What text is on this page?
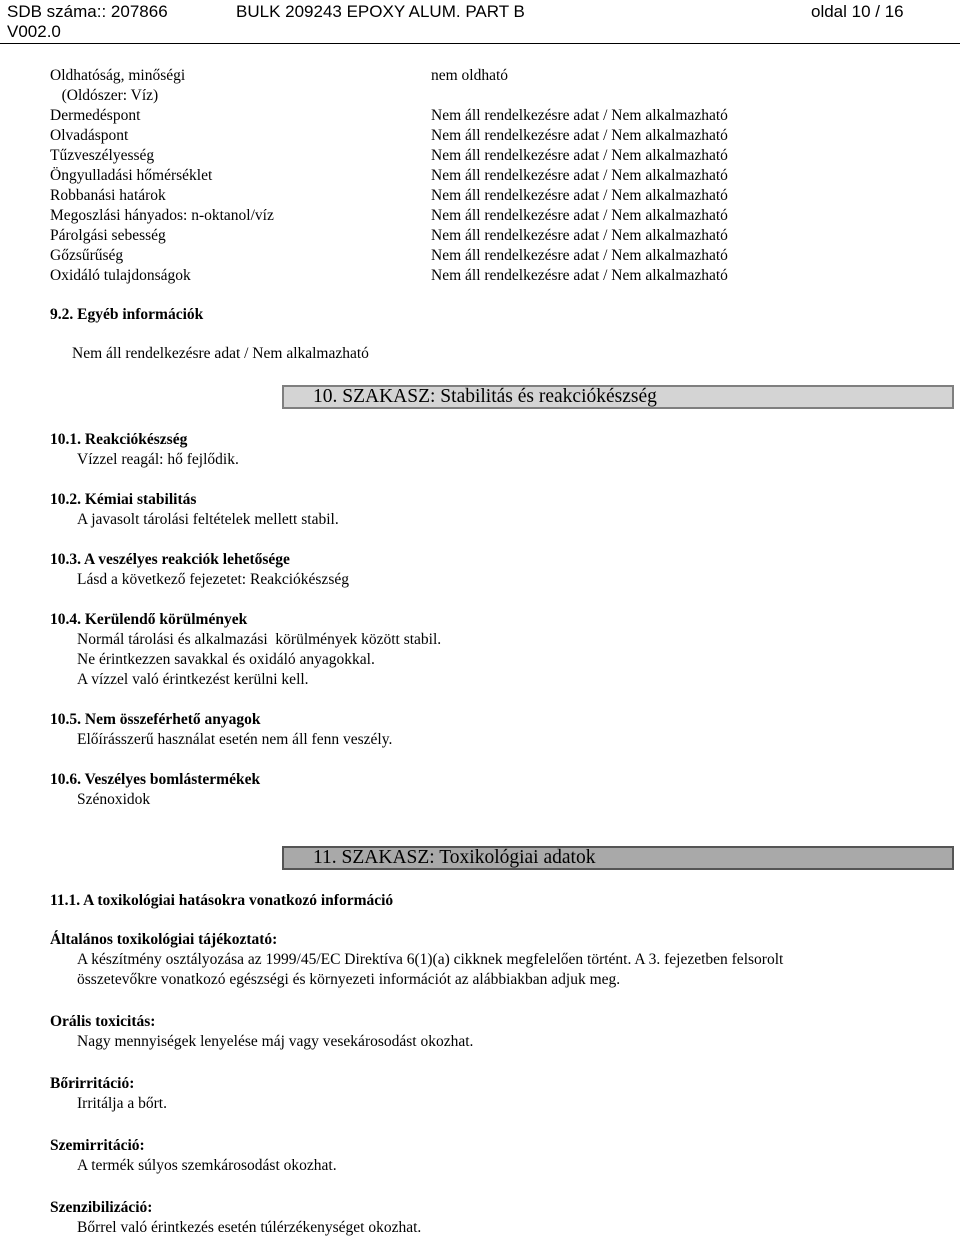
SDB száma:: 207866
V002.0
BULK 209243 EPOXY ALUM. PART B	oldal 10 / 16
Oldhatóság, minőségi
(Oldószer: Víz)
Dermedéspont
Olvadáspont
Tűzveszélyesség
Öngyulladási hőmérséklet
Robbanási határok
Megoszlási hányados: n-oktanol/víz
Párolgási sebesség
Gőzsűrűség
Oxidáló tulajdonságok
nem oldható
Nem áll rendelkezésre adat / Nem alkalmazható
Nem áll rendelkezésre adat / Nem alkalmazható
Nem áll rendelkezésre adat / Nem alkalmazható
Nem áll rendelkezésre adat / Nem alkalmazható
Nem áll rendelkezésre adat / Nem alkalmazható
Nem áll rendelkezésre adat / Nem alkalmazható
Nem áll rendelkezésre adat / Nem alkalmazható
Nem áll rendelkezésre adat / Nem alkalmazható
Nem áll rendelkezésre adat / Nem alkalmazható
9.2. Egyéb információk
Nem áll rendelkezésre adat / Nem alkalmazható
10. SZAKASZ: Stabilitás és reakciókészség
10.1. Reakciókészség
Vízzel reagál: hő fejlődik.
10.2. Kémiai stabilitás
A javasolt tárolási feltételek mellett stabil.
10.3. A veszélyes reakciók lehetősége
Lásd a következő fejezetet: Reakciókészség
10.4. Kerülendő körülmények
Normál tárolási és alkalmazási  körülmények között stabil.
Ne érintkezzen savakkal és oxidáló anyagokkal.
A vízzel való érintkezést kerülni kell.
10.5. Nem összeférhető anyagok
Előírásszerű használat esetén nem áll fenn veszély.
10.6. Veszélyes bomlástermékek
Szénoxidok
11. SZAKASZ: Toxikológiai adatok
11.1. A toxikológiai hatásokra vonatkozó információ
Általános toxikológiai tájékoztató:
A készítmény osztályozása az 1999/45/EC Direktíva 6(1)(a) cikknek megfelelően történt. A 3. fejezetben felsorolt
összetevőkre vonatkozó egészségi és környezeti információt az alábbiakban adjuk meg.
Orális toxicitás:
Nagy mennyiségek lenyelése máj vagy vesekárosodást okozhat.
Bőrirritáció:
Irritálja a bőrt.
Szemirritáció:
A termék súlyos szemkárosodást okozhat.
Szenzibilizáció:
Bőrrel való érintkezés esetén túlérzékenységet okozhat.
